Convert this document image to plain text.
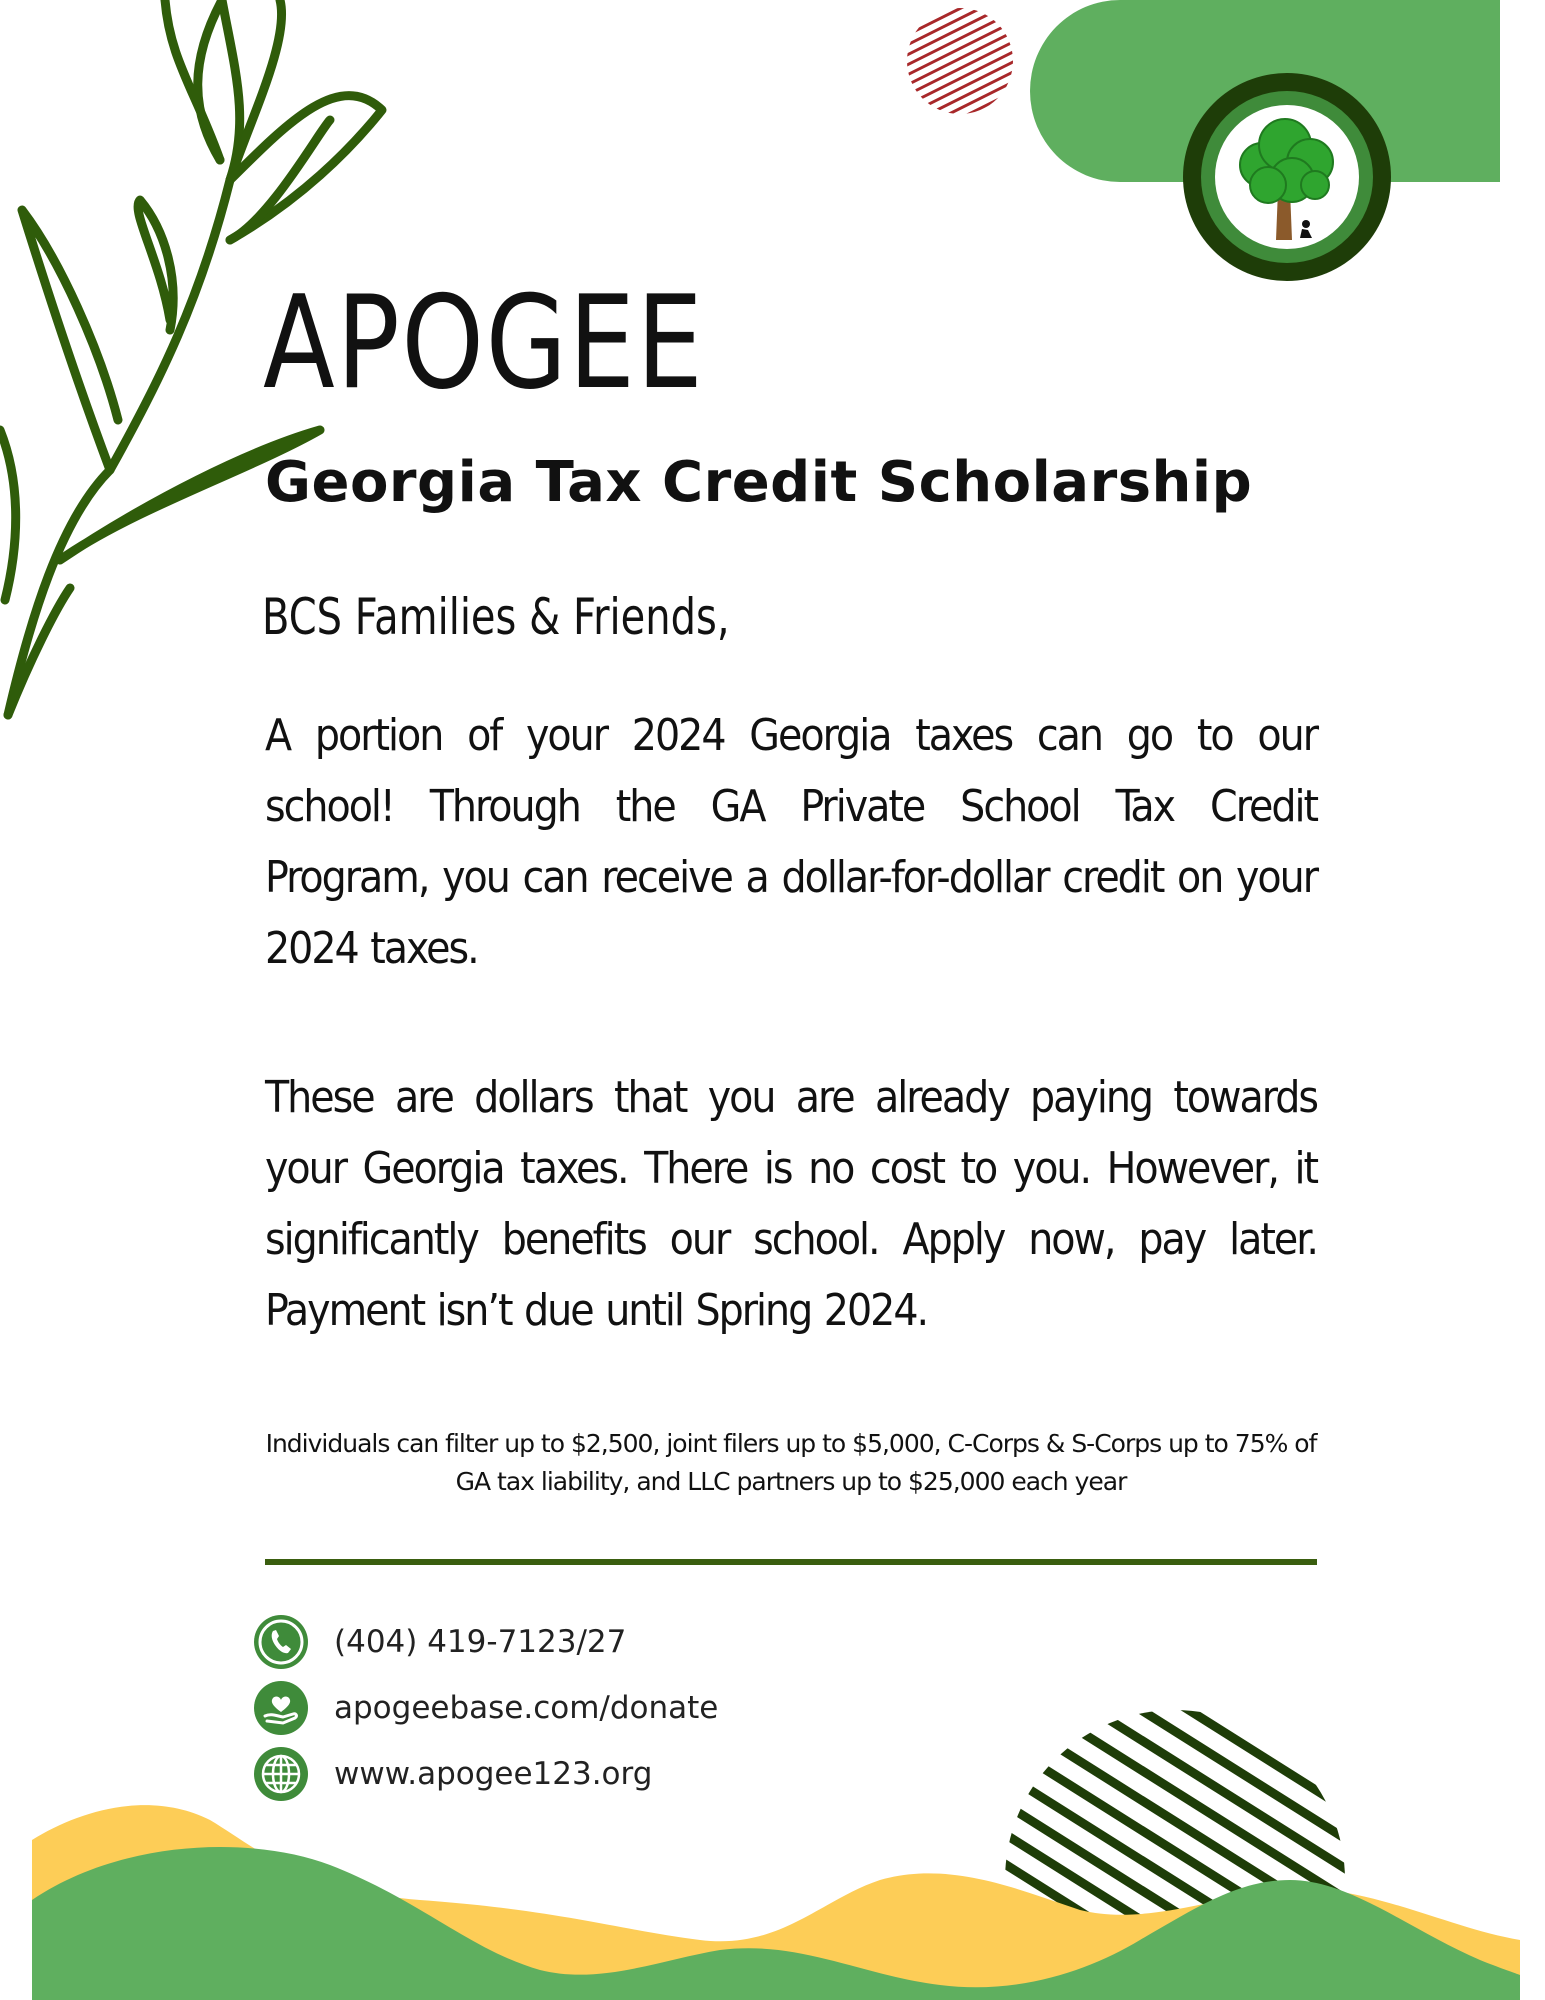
APOGEE
Georgia Tax Credit Scholarship
BCS Families & Friends,
A portion of your 2024 Georgia taxes can go to our school! Through the GA Private School Tax Credit Program, you can receive a dollar-for-dollar credit on your 2024 taxes.
These are dollars that you are already paying towards your Georgia taxes. There is no cost to you. However, it significantly benefits our school. Apply now, pay later. Payment isn’t due until Spring 2024.
Individuals can filter up to $2,500, joint filers up to $5,000, C-Corps & S-Corps up to 75% of GA tax liability, and LLC partners up to $25,000 each year
(404) 419-7123/27
apogeebase.com/donate
www.apogee123.org
